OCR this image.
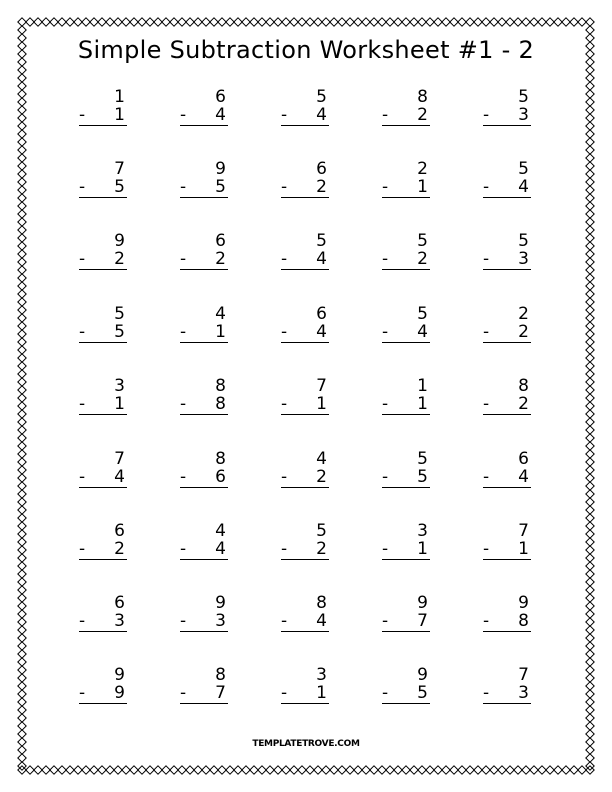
Simple Subtraction Worksheet #1 - 2
1
-	1
6
-	4
5
-	4
8
-	2
5
-	3
7
-	5
9
-	5
6
-	2
2
-	1
5
-	4
9
-	2
6
-	2
5
-	4
5
-	2
5
-	3
5
-	5
4
-	1
6
-	4
5
-	4
2
-	2
3
-	1
8
-	8
7
-	1
1
-	1
8
-	2
7
-	4
8
-	6
4
-	2
5
-	5
6
-	4
6
-	2
4
-	4
5
-	2
3
-	1
7
-	1
6
-	3
9
-	3
8
-	4
9
-	7
9
-	8
9
-	9
8
-	7
3
-	1
9
-	5
7
-	3
TEMPLATETROVE.COM
